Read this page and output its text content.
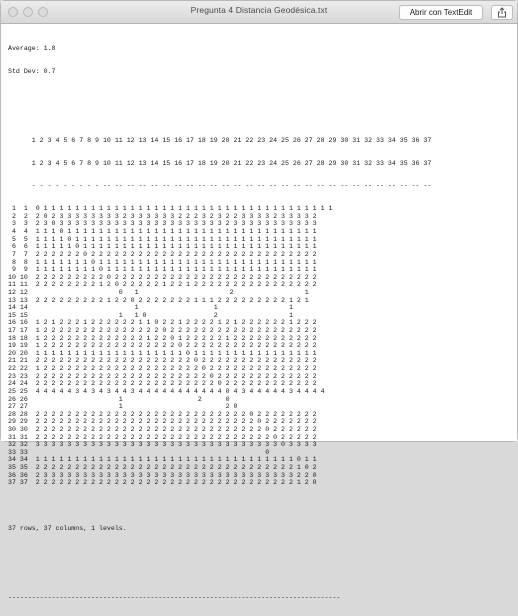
Pregunta 4 Distancia Geodésica.txt	Abrir con TextEdit

Average: 1.8

Std Dev: 0.7

1 2 3 4 5 6 7 8 9 10 11 12 13 14 15 16 17 18 19 20 21 22 23 24 25 26 27 28 29 30 31 32 33 34 35 36 37

1 2 3 4 5 6 7 8 9 10 11 12 13 14 15 16 17 18 19 20 21 22 23 24 25 26 27 28 29 30 31 32 33 34 35 36 37

- - - - - - - - - -- -- -- -- -- -- -- -- -- -- -- -- -- -- -- -- -- -- -- -- -- -- -- -- -- -- -- --

1  1  0 1 1 1 1 1 1 1 1 1 1 1 1 1 1 1 1 1 1 1 1 1 1 1 1 1 1 1 1 1 1 1 1 1 1 1 1 1
2  2  2 0 2 3 3 3 3 3 3 3 3 2 3 3 3 3 3 3 2 2 2 3 2 3 2 2 3 3 3 3 2 3 3 3 3 2
3  3  2 3 0 3 3 3 3 3 3 3 3 3 3 3 3 3 3 3 3 3 3 3 3 3 2 3 3 3 3 3 3 3 3 3 3 3
4  4  1 1 1 0 1 1 1 1 1 1 1 1 1 1 1 1 1 1 1 1 1 1 1 1 1 1 1 1 1 1 1 1 1 1 1 1
5  5  1 1 1 1 0 1 1 1 1 1 1 1 1 1 1 1 1 1 1 1 1 1 1 1 1 1 1 1 1 1 1 1 1 1 1 1
6  6  1 1 1 1 1 0 1 1 1 1 1 1 1 1 1 1 1 1 1 1 1 1 1 1 1 1 1 1 1 1 1 1 1 1 1 1
7  7  2 2 2 2 2 2 0 2 2 2 2 2 2 2 2 2 2 2 2 2 2 2 2 2 2 2 2 2 2 2 2 2 2 2 2 2
8  8  1 1 1 1 1 1 1 0 1 1 1 1 1 1 1 1 1 1 1 1 1 1 1 1 1 1 1 1 1 1 1 1 1 1 1 1
9  9  1 1 1 1 1 1 1 1 0 1 1 1 1 1 1 1 1 1 1 1 1 1 1 1 1 1 1 1 1 1 1 1 1 1 1 1
10 10  2 2 2 2 2 2 2 2 2 0 2 2 2 2 2 2 2 2 2 2 2 2 2 2 2 2 2 2 2 2 2 2 2 2 2 2
11 11  2 2 2 2 2 2 2 2 1 2 0 2 2 2 2 2 1 2 2 1 2 2 2 2 2 2 2 2 2 2 2 2 2 2 2 2
12 12                       0   1                       2                  1
13 13  2 2 2 2 2 2 2 2 2 1 2 2 0 2 2 2 2 2 2 2 1 1 1 2 2 2 2 2 2 2 2 2 1 2 1
14 14                           1                   1                  1
15 15                       1   1 0                 2                  1
16 16  1 2 1 2 2 2 1 2 2 2 2 2 2 1 1 0 2 2 1 2 2 2 2 1 2 1 2 2 2 2 2 2 1 2 2 2
17 17  1 2 2 2 2 2 2 2 2 2 2 2 2 2 2 2 0 2 2 2 2 2 2 2 2 2 2 2 2 2 2 2 2 2 2 2
18 18  1 2 2 2 2 2 2 2 2 2 2 2 2 2 1 2 2 0 1 2 2 2 2 2 1 2 2 2 2 2 2 2 2 2 2 2
19 19  1 2 2 2 2 2 2 2 2 2 2 2 2 2 2 2 2 2 0 2 2 2 2 2 2 2 2 2 2 2 2 2 2 2 2 2
20 20  1 1 1 1 1 1 1 1 1 1 1 1 1 1 1 1 1 1 1 0 1 1 1 1 1 1 1 1 1 1 1 1 1 1 1 1
21 21  2 2 2 2 2 2 2 2 2 2 2 2 2 2 2 2 2 2 2 2 0 2 2 2 2 2 2 2 2 2 2 2 2 2 2 2
22 22  1 2 2 2 2 2 2 2 2 2 2 2 2 2 2 2 2 2 2 2 2 0 2 2 2 2 2 2 2 2 2 2 2 2 2 2
23 23  2 2 2 2 2 2 2 2 2 2 2 2 2 2 2 2 2 2 2 2 2 2 0 2 2 2 2 2 2 2 2 2 2 2 2 2
24 24  2 2 2 2 2 2 2 2 2 2 2 2 2 2 2 2 2 2 2 2 2 2 2 0 2 2 2 2 2 2 2 2 2 2 2 2
25 25  4 4 4 4 4 3 4 3 4 3 4 4 3 4 4 4 4 4 4 4 4 4 4 4 0 4 3 4 4 4 4 4 3 4 4 4 4
26 26                       1                   2      0
27 27                       1                          2 0
28 28  2 2 2 2 2 2 2 2 2 2 2 2 2 2 2 2 2 2 2 2 2 2 2 2 2 2 2 0 2 2 2 2 2 2 2 2
29 29  2 2 2 2 2 2 2 2 2 2 2 2 2 2 2 2 2 2 2 2 2 2 2 2 2 2 2 2 0 2 2 2 2 2 2 2
30 30  2 2 2 2 2 2 2 2 2 2 2 2 2 2 2 2 2 2 2 2 2 2 2 2 2 2 2 2 2 0 2 2 2 2 2 2
31 31  2 2 2 2 2 2 2 2 2 2 2 2 2 2 2 2 2 2 2 2 2 2 2 2 2 2 2 2 2 2 0 2 2 2 2 2
32 32  3 3 3 3 3 3 3 3 3 3 3 3 3 3 3 3 3 3 3 3 3 3 3 3 3 3 3 3 3 3 3 0 3 3 3 3
33 33                                                            0
34 34  1 1 1 1 1 1 1 1 1 1 1 1 1 1 1 1 1 1 1 1 1 1 1 1 1 1 1 1 1 1 1 1 1 0 1 1
35 35  2 2 2 2 2 2 2 2 2 2 2 2 2 2 2 2 2 2 2 2 2 2 2 2 2 2 2 2 2 2 2 2 2 1 0 2
36 36  2 3 3 3 3 3 3 3 3 3 3 3 3 3 3 3 3 3 3 3 3 3 3 3 3 3 3 3 3 3 3 3 3 2 2 0
37 37  2 2 2 2 2 2 2 2 2 2 2 2 2 2 2 2 2 2 2 2 2 2 2 2 2 2 2 2 2 2 2 2 2 1 2 0

37 rows, 37 columns, 1 levels.

------------------------------------------------------------------------------------
